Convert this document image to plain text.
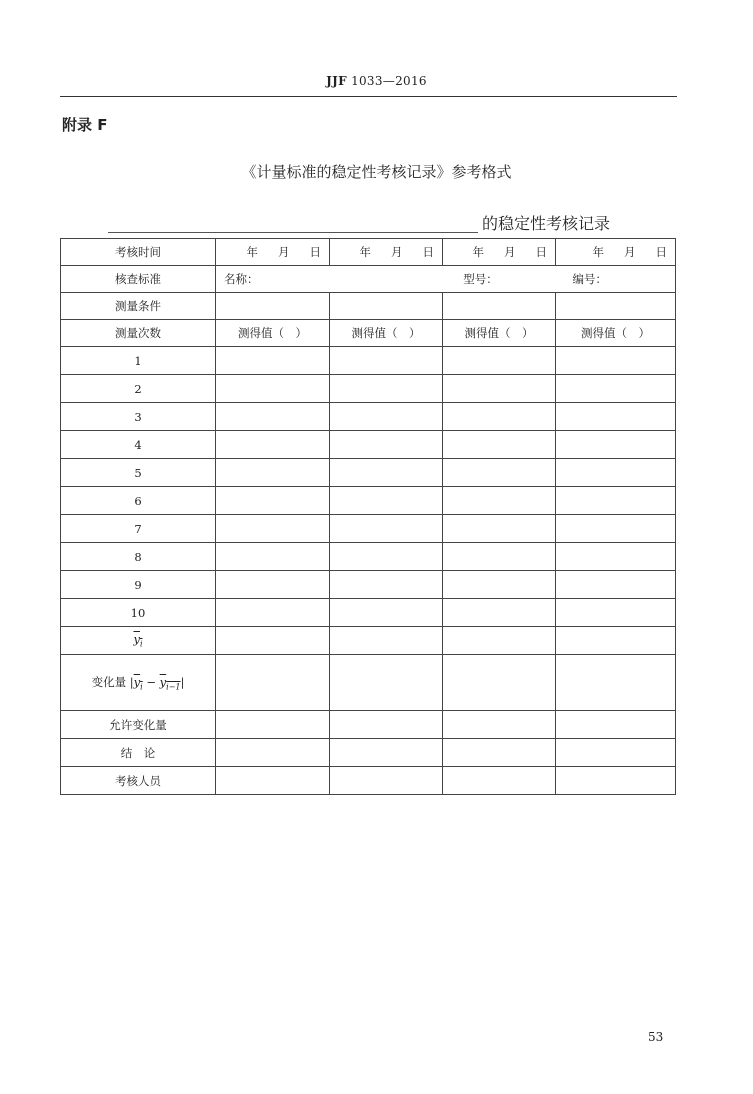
JJF 1033—2016
附录 F
《计量标准的稳定性考核记录》参考格式
的稳定性考核记录
考核时间	年 月 日	年 月 日	年 月 日	年 月 日

核查标准	名称： 型号： 编号：			

测量条件				
测量次数	测得值（　）	测得值（　）	测得值（　）	测得值（　）
1				
2				
3				
4				
5				
6				
7				
8				
9				
10				
$y_i$				
变化量 $|y_i - y_{i-1}|$				
允许变化量				
结　论				
考核人员				
53
